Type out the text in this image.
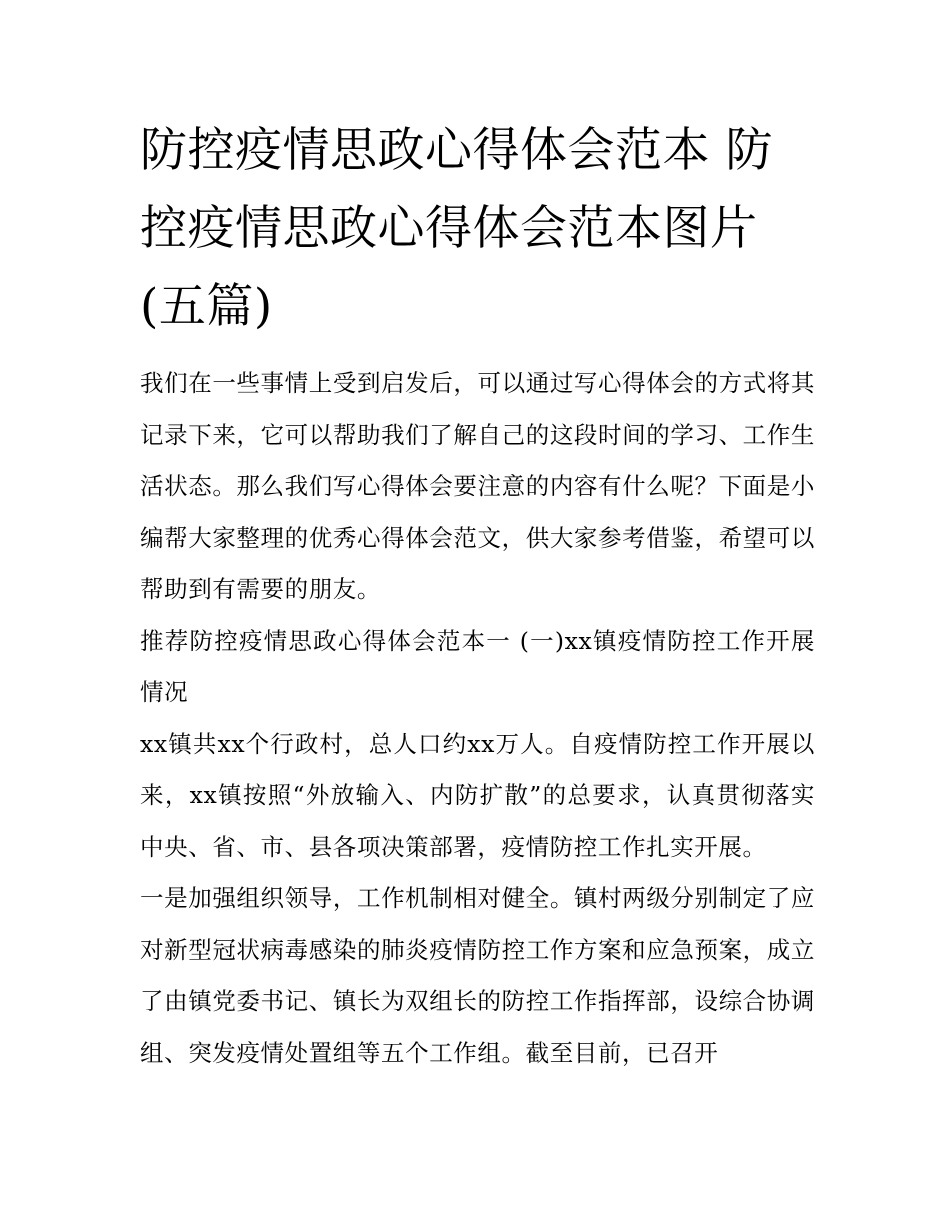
防控疫情思政心得体会范本 防控疫情思政心得体会范本图片(五篇)

我们在一些事情上受到启发后，可以通过写心得体会的方式将其记录下来，它可以帮助我们了解自己的这段时间的学习、工作生活状态。那么我们写心得体会要注意的内容有什么呢？下面是小编帮大家整理的优秀心得体会范文，供大家参考借鉴，希望可以帮助到有需要的朋友。

推荐防控疫情思政心得体会范本一 (一)xx镇疫情防控工作开展情况

xx镇共xx个行政村，总人口约xx万人。自疫情防控工作开展以来，xx镇按照“外放输入、内防扩散”的总要求，认真贯彻落实中央、省、市、县各项决策部署，疫情防控工作扎实开展。

一是加强组织领导，工作机制相对健全。镇村两级分别制定了应对新型冠状病毒感染的肺炎疫情防控工作方案和应急预案，成立了由镇党委书记、镇长为双组长的防控工作指挥部，设综合协调组、突发疫情处置组等五个工作组。截至目前，已召开
